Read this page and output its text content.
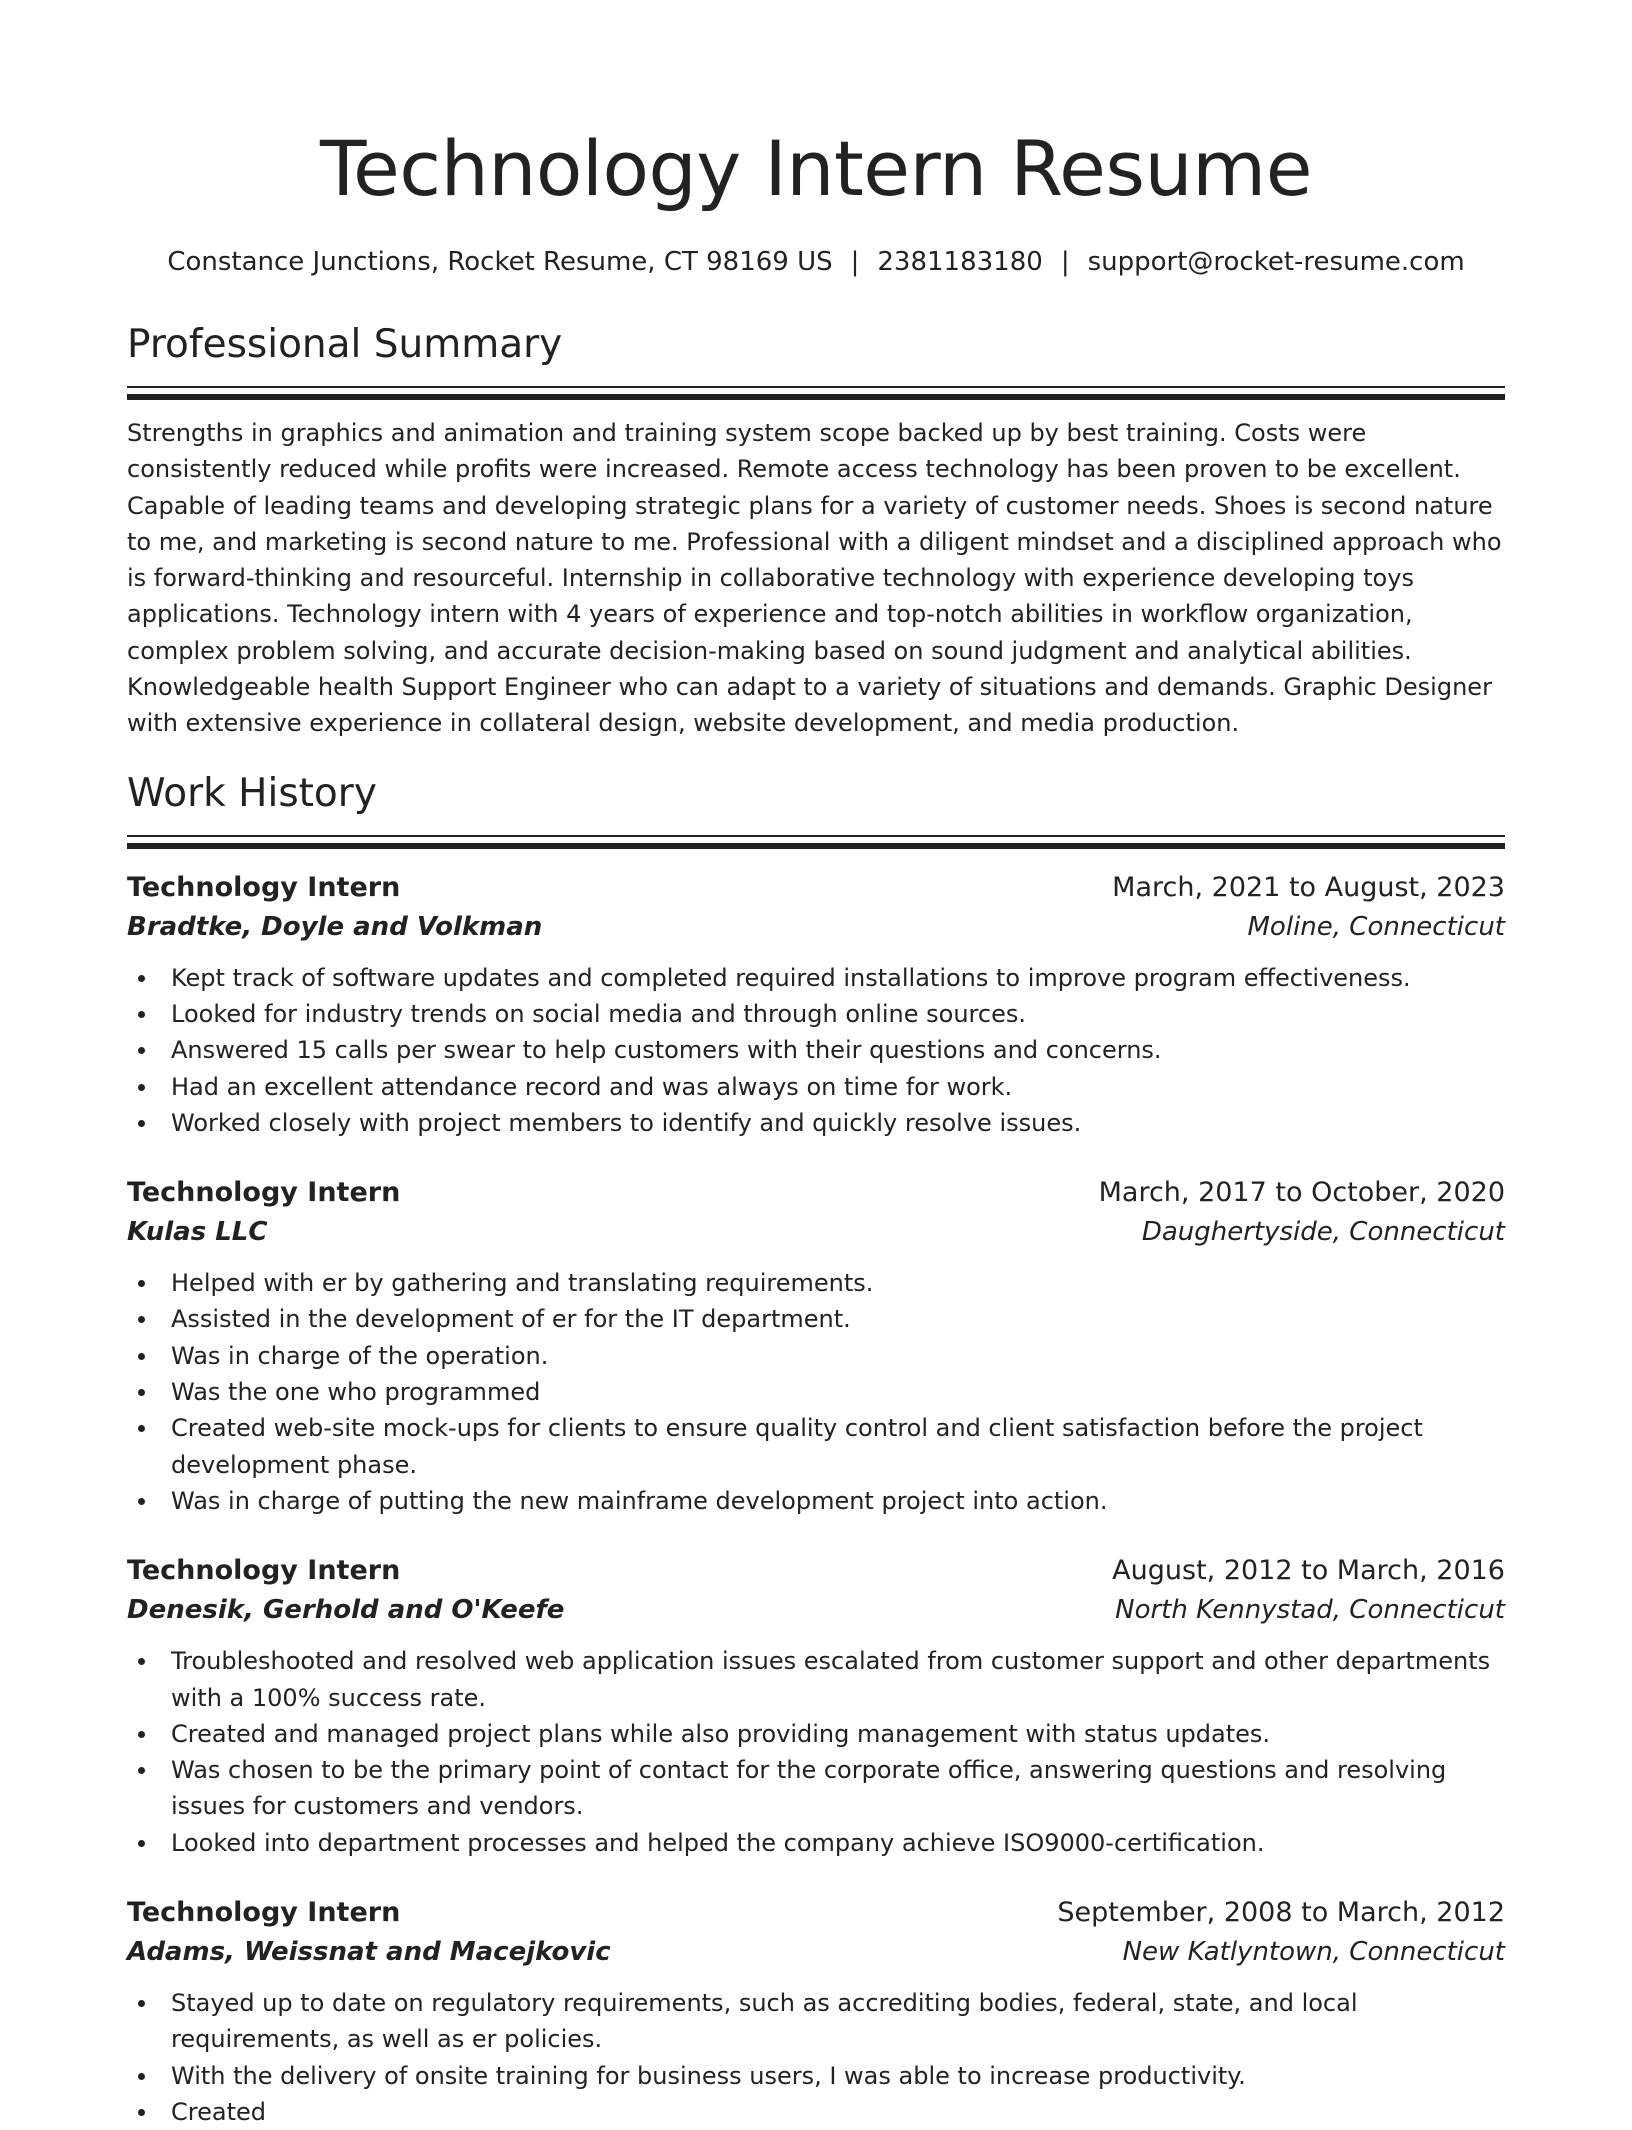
Technology Intern Resume
Constance Junctions, Rocket Resume, CT 98169 US | 2381183180 | support@rocket-resume.com
Professional Summary

Strengths in graphics and animation and training system scope backed up by best training. Costs were consistently reduced while profits were increased. Remote access technology has been proven to be excellent. Capable of leading teams and developing strategic plans for a variety of customer needs. Shoes is second nature to me, and marketing is second nature to me. Professional with a diligent mindset and a disciplined approach who is forward-thinking and resourceful. Internship in collaborative technology with experience developing toys applications. Technology intern with 4 years of experience and top-notch abilities in workflow organization, complex problem solving, and accurate decision-making based on sound judgment and analytical abilities. Knowledgeable health Support Engineer who can adapt to a variety of situations and demands. Graphic Designer with extensive experience in collateral design, website development, and media production.

Work History
Technology Intern	March, 2021 to August, 2023
Bradtke, Doyle and Volkman	Moline, Connecticut
Kept track of software updates and completed required installations to improve program effectiveness.
Looked for industry trends on social media and through online sources.
Answered 15 calls per swear to help customers with their questions and concerns.
Had an excellent attendance record and was always on time for work.
Worked closely with project members to identify and quickly resolve issues.
Technology Intern	March, 2017 to October, 2020
Kulas LLC	Daughertyside, Connecticut
Helped with er by gathering and translating requirements.
Assisted in the development of er for the IT department.
Was in charge of the operation.
Was the one who programmed
Created web-site mock-ups for clients to ensure quality control and client satisfaction before the project development phase.
Was in charge of putting the new mainframe development project into action.
Technology Intern	August, 2012 to March, 2016
Denesik, Gerhold and O'Keefe	North Kennystad, Connecticut
Troubleshooted and resolved web application issues escalated from customer support and other departments with a 100% success rate.
Created and managed project plans while also providing management with status updates.
Was chosen to be the primary point of contact for the corporate office, answering questions and resolving issues for customers and vendors.
Looked into department processes and helped the company achieve ISO9000-certification.
Technology Intern	September, 2008 to March, 2012
Adams, Weissnat and Macejkovic	New Katlyntown, Connecticut
Stayed up to date on regulatory requirements, such as accrediting bodies, federal, state, and local requirements, as well as er policies.
With the delivery of onsite training for business users, I was able to increase productivity.
Created
